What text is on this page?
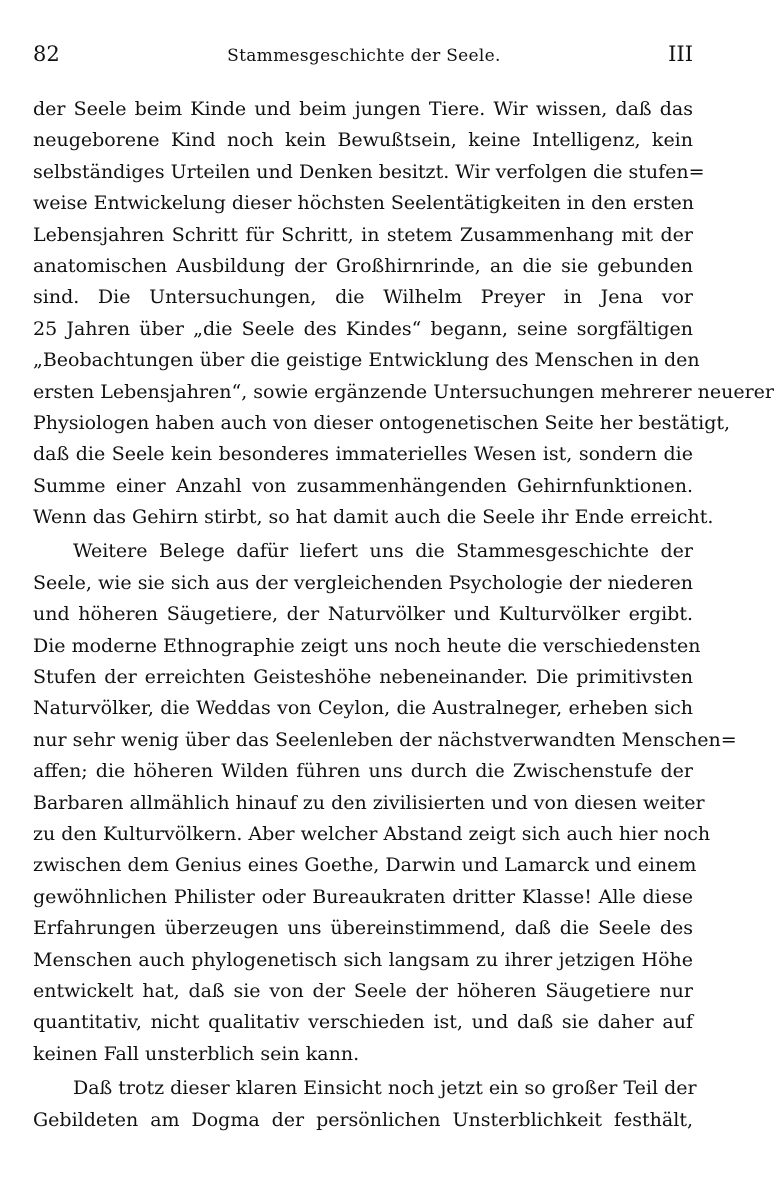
82	Stammesgeschichte der Seele.	III
der Seele beim Kinde und beim jungen Tiere. Wir wissen, daß das
neugeborene Kind noch kein Bewußtsein, keine Intelligenz, kein
selbständiges Urteilen und Denken besitzt. Wir verfolgen die stufen=
weise Entwickelung dieser höchsten Seelentätigkeiten in den ersten
Lebensjahren Schritt für Schritt, in stetem Zusammenhang mit der
anatomischen Ausbildung der Großhirnrinde, an die sie gebunden
sind. Die Untersuchungen, die Wilhelm Preyer in Jena vor
25 Jahren über „die Seele des Kindes“ begann, seine sorgfältigen
„Beobachtungen über die geistige Entwicklung des Menschen in den
ersten Lebensjahren“, sowie ergänzende Untersuchungen mehrerer neuerer
Physiologen haben auch von dieser ontogenetischen Seite her bestätigt,
daß die Seele kein besonderes immaterielles Wesen ist, sondern die
Summe einer Anzahl von zusammenhängenden Gehirnfunktionen.
Wenn das Gehirn stirbt, so hat damit auch die Seele ihr Ende erreicht.
Weitere Belege dafür liefert uns die Stammesgeschichte der
Seele, wie sie sich aus der vergleichenden Psychologie der niederen
und höheren Säugetiere, der Naturvölker und Kulturvölker ergibt.
Die moderne Ethnographie zeigt uns noch heute die verschiedensten
Stufen der erreichten Geisteshöhe nebeneinander. Die primitivsten
Naturvölker, die Weddas von Ceylon, die Australneger, erheben sich
nur sehr wenig über das Seelenleben der nächstverwandten Menschen=
affen; die höheren Wilden führen uns durch die Zwischenstufe der
Barbaren allmählich hinauf zu den zivilisierten und von diesen weiter
zu den Kulturvölkern. Aber welcher Abstand zeigt sich auch hier noch
zwischen dem Genius eines Goethe, Darwin und Lamarck und einem
gewöhnlichen Philister oder Bureaukraten dritter Klasse! Alle diese
Erfahrungen überzeugen uns übereinstimmend, daß die Seele des
Menschen auch phylogenetisch sich langsam zu ihrer jetzigen Höhe
entwickelt hat, daß sie von der Seele der höheren Säugetiere nur
quantitativ, nicht qualitativ verschieden ist, und daß sie daher auf
keinen Fall unsterblich sein kann.
Daß trotz dieser klaren Einsicht noch jetzt ein so großer Teil der
Gebildeten am Dogma der persönlichen Unsterblichkeit festhält,
